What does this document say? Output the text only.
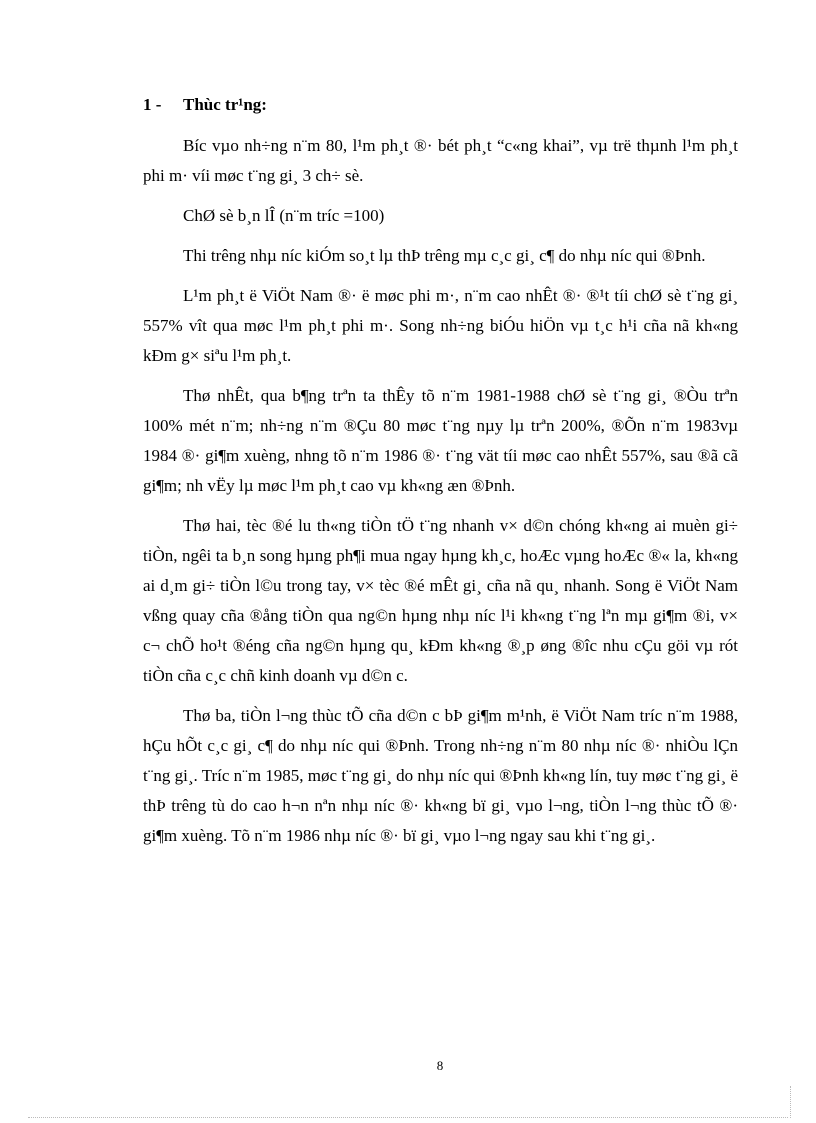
1 - Thùc tr¹ng:

Bíc vµo nh÷ng n¨m 80, l¹m ph¸t ®· bét ph¸t “c«ng khai”, vµ trë thµnh l¹m ph¸t phi m· víi møc t¨ng gi¸ 3 ch÷ sè.

ChØ sè b¸n lÎ (n¨m tríc =100)

Thi trêng nhµ níc kiÓm so¸t lµ thÞ trêng mµ c¸c gi¸ c¶ do nhµ níc qui ®Þnh.

L¹m ph¸t ë ViÖt Nam ®· ë møc phi m·, n¨m cao nhÊt ®· ®¹t tíi chØ sè t¨ng gi¸ 557% vît qua møc l¹m ph¸t phi m·. Song nh÷ng biÓu hiÖn vµ t¸c h¹i cña nã kh«ng kÐm g× siªu l¹m ph¸t.

Thø nhÊt, qua b¶ng trªn ta thÊy tõ n¨m 1981-1988 chØ sè t¨ng gi¸ ®Òu trªn 100% mét n¨m; nh÷ng n¨m ®Çu 80 møc t¨ng nµy lµ trªn 200%, ®Õn n¨m 1983vµ 1984 ®· gi¶m xuèng, nhng tõ n¨m 1986 ®· t¨ng vät tíi møc cao nhÊt 557%, sau ®ã cã gi¶m; nh vËy lµ møc l¹m ph¸t cao vµ kh«ng æn ®Þnh.

Thø hai, tèc ®é lu th«ng tiÒn tÖ t¨ng nhanh v× d©n chóng kh«ng ai muèn gi÷ tiÒn, ngêi ta b¸n song hµng ph¶i mua ngay hµng kh¸c, hoÆc vµng hoÆc ®« la, kh«ng ai d¸m gi÷ tiÒn l©u trong tay, v× tèc ®é mÊt gi¸ cña nã qu¸ nhanh. Song ë ViÖt Nam vßng quay cña ®ång tiÒn qua ng©n hµng nhµ níc l¹i kh«ng t¨ng lªn mµ gi¶m ®i, v× c¬ chÕ ho¹t ®éng cña ng©n hµng qu¸ kÐm kh«ng ®¸p øng ®îc nhu cÇu göi vµ rót tiÒn cña c¸c chñ kinh doanh vµ d©n c.

Thø ba, tiÒn l¬ng thùc tÕ cña d©n c bÞ gi¶m m¹nh, ë ViÖt Nam tríc n¨m 1988, hÇu hÕt c¸c gi¸ c¶ do nhµ níc qui ®Þnh. Trong nh÷ng n¨m 80 nhµ níc ®· nhiÒu lÇn t¨ng gi¸. Tríc n¨m 1985, møc t¨ng gi¸ do nhµ níc qui ®Þnh kh«ng lín, tuy møc t¨ng gi¸ ë thÞ trêng tù do cao h¬n nªn nhµ níc ®· kh«ng bï gi¸ vµo l¬ng, tiÒn l¬ng thùc tÕ ®· gi¶m xuèng. Tõ n¨m 1986 nhµ níc ®· bï gi¸ vµo l¬ng ngay sau khi t¨ng gi¸.

8
